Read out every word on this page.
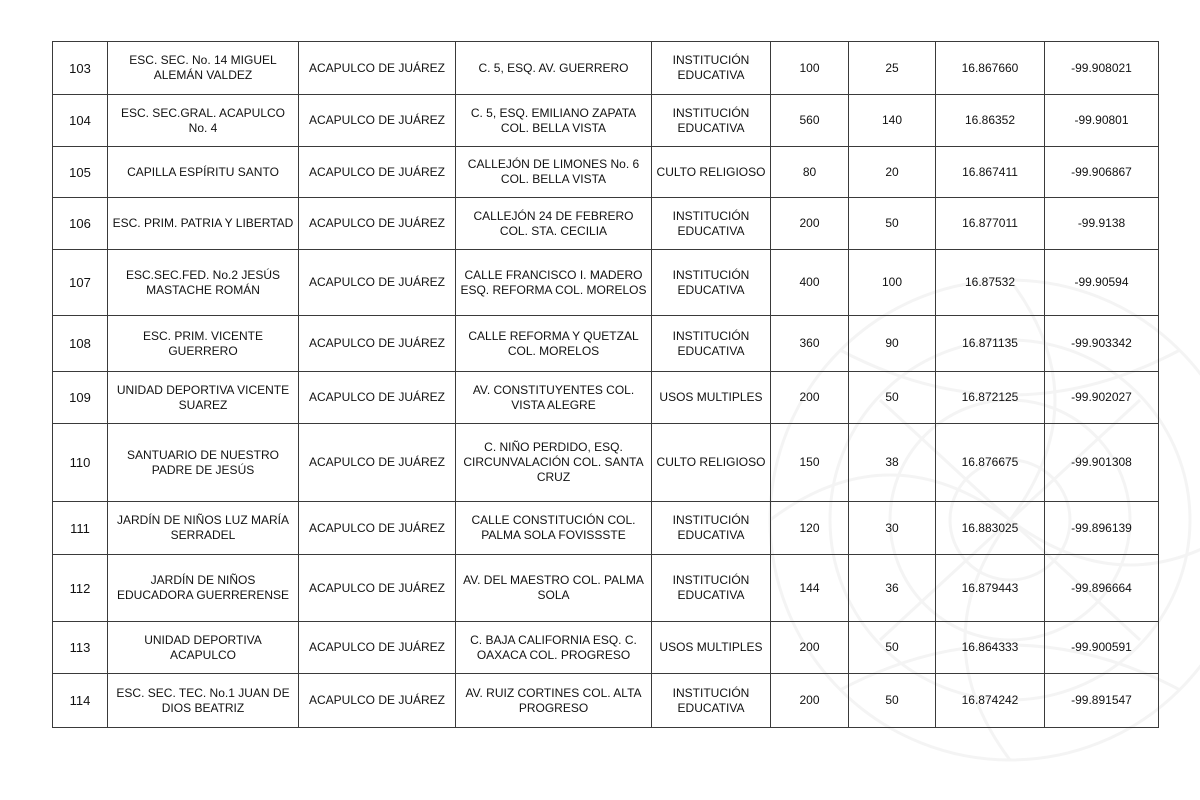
103	ESC. SEC. No. 14 MIGUEL ALEMÁN VALDEZ	ACAPULCO DE JUÁREZ	C. 5, ESQ. AV. GUERRERO	INSTITUCIÓN EDUCATIVA	100	25	16.867660	-99.908021
104	ESC. SEC.GRAL. ACAPULCO No. 4	ACAPULCO DE JUÁREZ	C. 5, ESQ. EMILIANO ZAPATA COL. BELLA VISTA	INSTITUCIÓN EDUCATIVA	560	140	16.86352	-99.90801
105	CAPILLA ESPÍRITU SANTO	ACAPULCO DE JUÁREZ	CALLEJÓN DE LIMONES No. 6 COL. BELLA VISTA	CULTO RELIGIOSO	80	20	16.867411	-99.906867
106	ESC. PRIM. PATRIA Y LIBERTAD	ACAPULCO DE JUÁREZ	CALLEJÓN 24 DE FEBRERO COL. STA. CECILIA	INSTITUCIÓN EDUCATIVA	200	50	16.877011	-99.9138
107	ESC.SEC.FED. No.2 JESÚS MASTACHE ROMÁN	ACAPULCO DE JUÁREZ	CALLE FRANCISCO I. MADERO ESQ. REFORMA COL. MORELOS	INSTITUCIÓN EDUCATIVA	400	100	16.87532	-99.90594
108	ESC. PRIM. VICENTE GUERRERO	ACAPULCO DE JUÁREZ	CALLE REFORMA Y QUETZAL COL. MORELOS	INSTITUCIÓN EDUCATIVA	360	90	16.871135	-99.903342
109	UNIDAD DEPORTIVA VICENTE SUAREZ	ACAPULCO DE JUÁREZ	AV. CONSTITUYENTES COL. VISTA ALEGRE	USOS MULTIPLES	200	50	16.872125	-99.902027
110	SANTUARIO DE NUESTRO PADRE DE JESÚS	ACAPULCO DE JUÁREZ	C. NIÑO PERDIDO, ESQ. CIRCUNVALACIÓN COL. SANTA CRUZ	CULTO RELIGIOSO	150	38	16.876675	-99.901308
111	JARDÍN DE NIÑOS LUZ MARÍA SERRADEL	ACAPULCO DE JUÁREZ	CALLE CONSTITUCIÓN COL. PALMA SOLA FOVISSSTE	INSTITUCIÓN EDUCATIVA	120	30	16.883025	-99.896139
112	JARDÍN DE NIÑOS EDUCADORA GUERRERENSE	ACAPULCO DE JUÁREZ	AV. DEL MAESTRO COL. PALMA SOLA	INSTITUCIÓN EDUCATIVA	144	36	16.879443	-99.896664
113	UNIDAD DEPORTIVA ACAPULCO	ACAPULCO DE JUÁREZ	C. BAJA CALIFORNIA ESQ. C. OAXACA COL. PROGRESO	USOS MULTIPLES	200	50	16.864333	-99.900591
114	ESC. SEC. TEC. No.1 JUAN DE DIOS BEATRIZ	ACAPULCO DE JUÁREZ	AV. RUIZ CORTINES COL. ALTA PROGRESO	INSTITUCIÓN EDUCATIVA	200	50	16.874242	-99.891547
